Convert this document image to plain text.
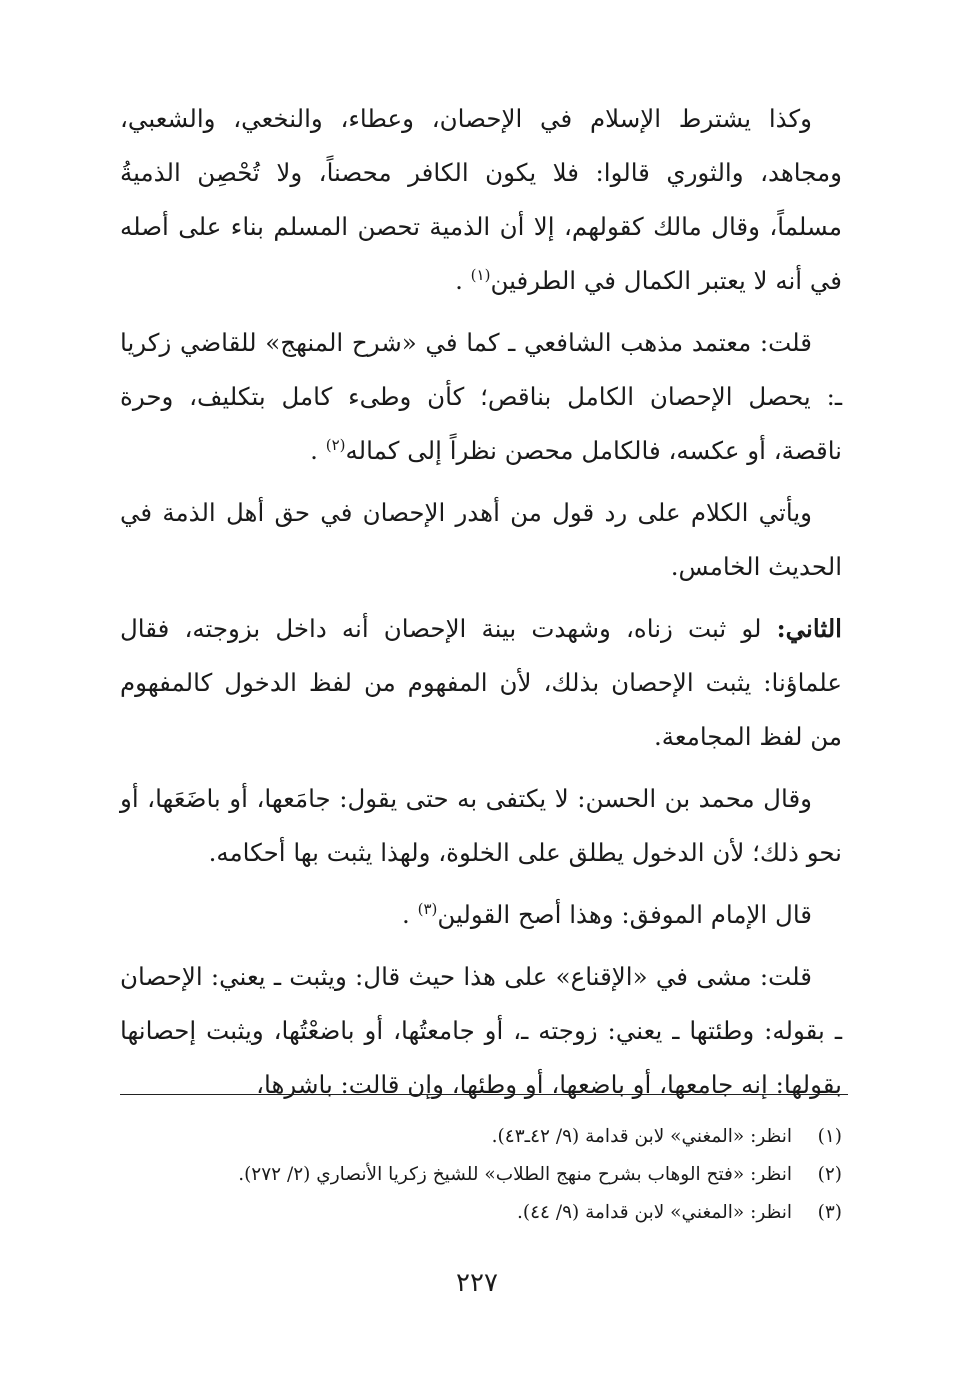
وكذا يشترط الإسلام في الإحصان، وعطاء، والنخعي، والشعبي، ومجاهد، والثوري قالوا: فلا يكون الكافر محصناً، ولا تُحْصِن الذميةُ مسلماً، وقال مالك كقولهم، إلا أن الذمية تحصن المسلم بناء على أصله في أنه لا يعتبر الكمال في الطرفين$^{(١)}$ .

قلت: معتمد مذهب الشافعي ـ كما في «شرح المنهج» للقاضي زكريا ـ: يحصل الإحصان الكامل بناقص؛ كأن وطىء كامل بتكليف، وحرة ناقصة، أو عكسه، فالكامل محصن نظراً إلى كماله$^{(٢)}$ .

ويأتي الكلام على رد قول من أهدر الإحصان في حق أهل الذمة في الحديث الخامس.

الثاني: لو ثبت زناه، وشهدت بينة الإحصان أنه داخل بزوجته، فقال علماؤنا: يثبت الإحصان بذلك، لأن المفهوم من لفظ الدخول كالمفهوم من لفظ المجامعة.

وقال محمد بن الحسن: لا يكتفى به حتى يقول: جامَعها، أو باضَعَها، أو نحو ذلك؛ لأن الدخول يطلق على الخلوة، ولهذا يثبت بها أحكامه.

قال الإمام الموفق: وهذا أصح القولين$^{(٣)}$ .

قلت: مشى في «الإقناع» على هذا حيث قال: ويثبت ـ يعني: الإحصان ـ بقوله: وطئتها ـ يعني: زوجته ـ، أو جامعتُها، أو باضعْتُها، ويثبت إحصانها بقولها: إنه جامعها، أو باضعها، أو وطئها، وإن قالت: باشرها،

(١)
انظر: «المغني» لابن قدامة (٩/ ٤٢ـ٤٣).
(٢)
انظر: «فتح الوهاب بشرح منهج الطلاب» للشيخ زكريا الأنصاري (٢/ ٢٧٢).
(٣)
انظر: «المغني» لابن قدامة (٩/ ٤٤).
٢٢٧
